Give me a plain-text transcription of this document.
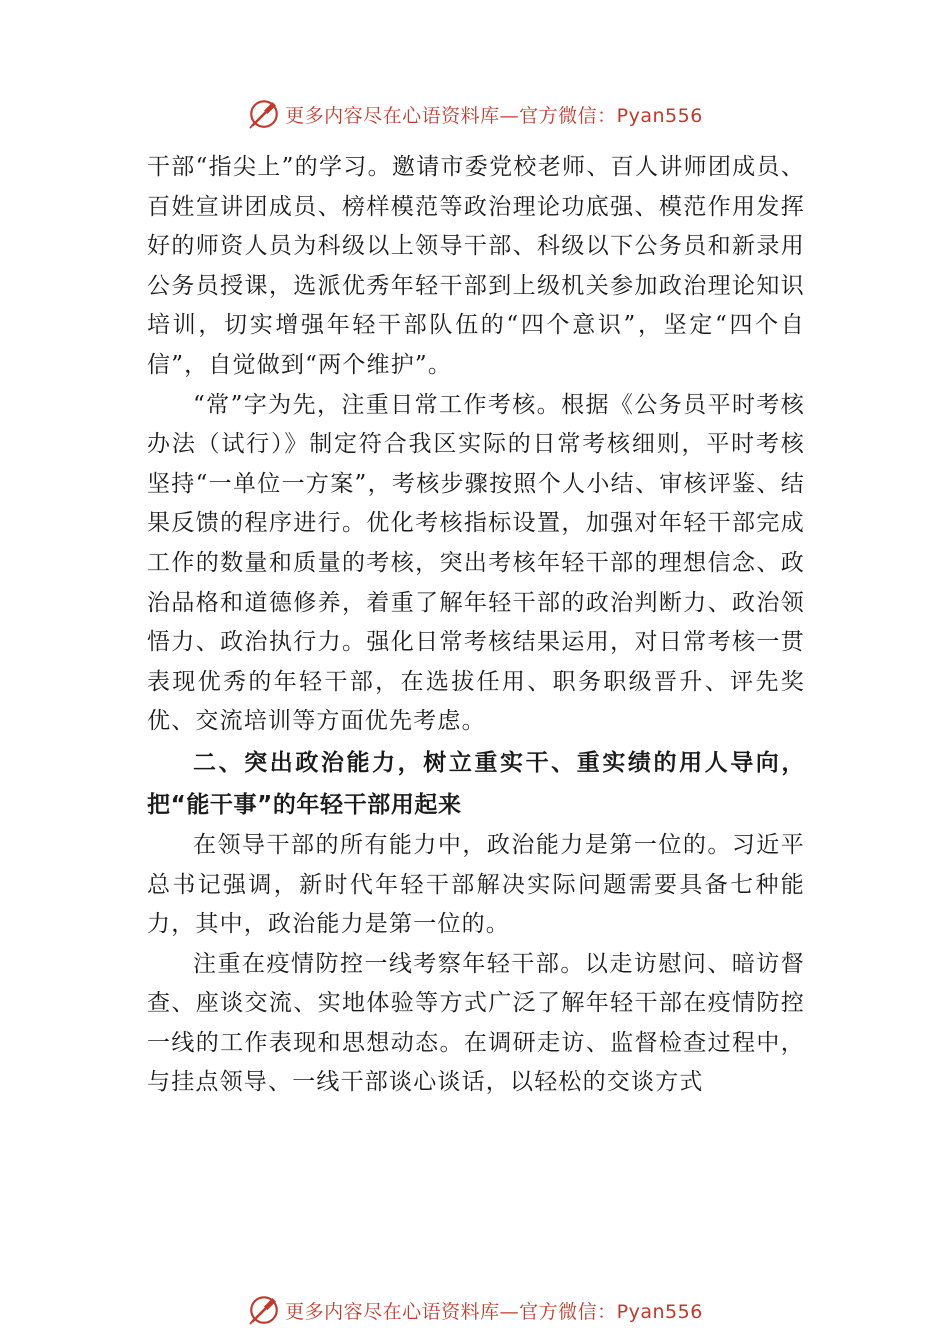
更多内容尽在心语资料库—官方微信：Pyan556

干部“指尖上”的学习。邀请市委党校老师、百人讲师团成员、百姓宣讲团成员、榜样模范等政治理论功底强、模范作用发挥好的师资人员为科级以上领导干部、科级以下公务员和新录用公务员授课，选派优秀年轻干部到上级机关参加政治理论知识培训，切实增强年轻干部队伍的“四个意识”，坚定“四个自信”，自觉做到“两个维护”。

“常”字为先，注重日常工作考核。根据《公务员平时考核办法（试行）》制定符合我区实际的日常考核细则，平时考核坚持“一单位一方案”，考核步骤按照个人小结、审核评鉴、结果反馈的程序进行。优化考核指标设置，加强对年轻干部完成工作的数量和质量的考核，突出考核年轻干部的理想信念、政治品格和道德修养，着重了解年轻干部的政治判断力、政治领悟力、政治执行力。强化日常考核结果运用，对日常考核一贯表现优秀的年轻干部，在选拔任用、职务职级晋升、评先奖优、交流培训等方面优先考虑。

二、突出政治能力，树立重实干、重实绩的用人导向，把“能干事”的年轻干部用起来

在领导干部的所有能力中，政治能力是第一位的。习近平总书记强调，新时代年轻干部解决实际问题需要具备七种能力，其中，政治能力是第一位的。

注重在疫情防控一线考察年轻干部。以走访慰问、暗访督查、座谈交流、实地体验等方式广泛了解年轻干部在疫情防控一线的工作表现和思想动态。在调研走访、监督检查过程中，与挂点领导、一线干部谈心谈话，以轻松的交谈方式

更多内容尽在心语资料库—官方微信：Pyan556
